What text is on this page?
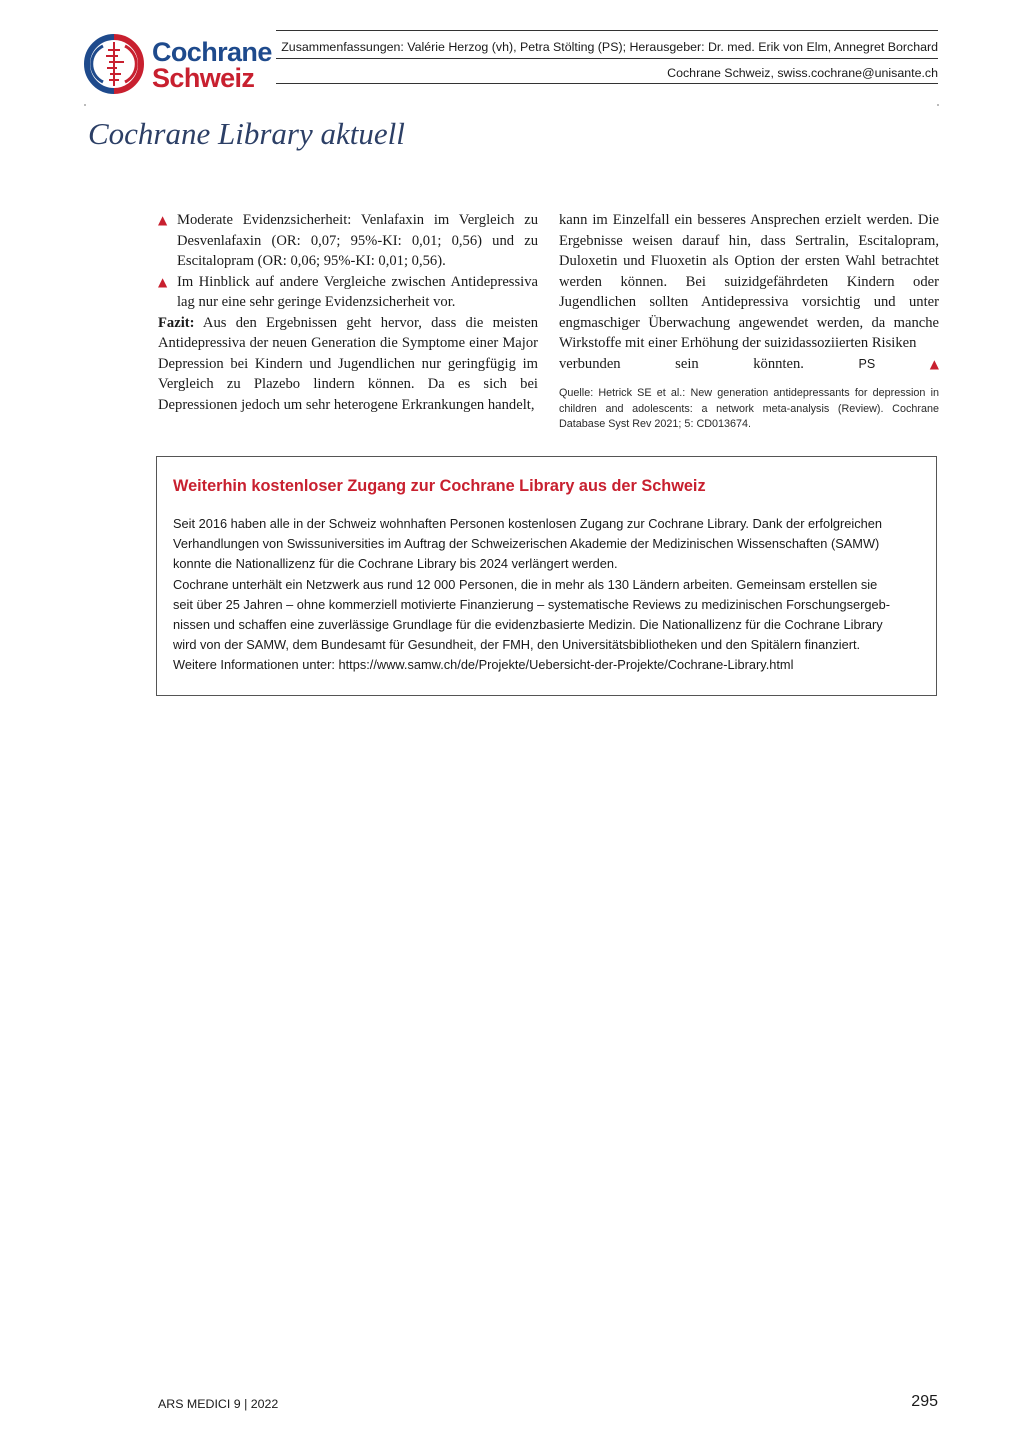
Cochrane
Schweiz
Zusammenfassungen: Valérie Herzog (vh), Petra Stölting (PS); Herausgeber: Dr. med. Erik von Elm, Annegret Borchard
Cochrane Schweiz, swiss.cochrane@unisante.ch
Cochrane Library aktuell
▲ Moderate Evidenzsicherheit: Venlafaxin im Vergleich zu Desvenlafaxin (OR: 0,07; 95%-KI: 0,01; 0,56) und zu Escitalopram (OR: 0,06; 95%-KI: 0,01; 0,56).
▲ Im Hinblick auf andere Vergleiche zwischen Antidepressiva lag nur eine sehr geringe Evidenzsicherheit vor.

Fazit: Aus den Ergebnissen geht hervor, dass die meisten Antidepressiva der neuen Generation die Symptome einer Major Depression bei Kindern und Jugendlichen nur geringfügig im Vergleich zu Plazebo lindern können. Da es sich bei Depressionen jedoch um sehr heterogene Erkrankungen handelt,

kann im Einzelfall ein besseres Ansprechen erzielt werden. Die Ergebnisse weisen darauf hin, dass Sertralin, Escitalopram, Duloxetin und Fluoxetin als Option der ersten Wahl betrachtet werden können. Bei suizidgefährdeten Kindern oder Jugendlichen sollten Antidepressiva vorsichtig und unter engmaschiger Überwachung angewendet werden, da manche Wirkstoffe mit einer Erhöhung der suizidassoziierten Risiken

verbunden sein könnten.	PS	▲
Quelle: Hetrick SE et al.: New generation antidepressants for depression in children and adolescents: a network meta-analysis (Review). Cochrane Database Syst Rev 2021; 5: CD013674.
Weiterhin kostenloser Zugang zur Cochrane Library aus der Schweiz
Seit 2016 haben alle in der Schweiz wohnhaften Personen kostenlosen Zugang zur Cochrane Library. Dank der erfolgreichen
Verhandlungen von Swissuniversities im Auftrag der Schweizerischen Akademie der Medizinischen Wissenschaften (SAMW)
konnte die Nationallizenz für die Cochrane Library bis 2024 verlängert werden.
Cochrane unterhält ein Netzwerk aus rund 12 000 Personen, die in mehr als 130 Ländern arbeiten. Gemeinsam erstellen sie
seit über 25 Jahren – ohne kommerziell motivierte Finanzierung – systematische Reviews zu medizinischen Forschungsergeb-
nissen und schaffen eine zuverlässige Grundlage für die evidenzbasierte Medizin. Die Nationallizenz für die Cochrane Library
wird von der SAMW, dem Bundesamt für Gesundheit, der FMH, den Universitätsbibliotheken und den Spitälern finanziert.
Weitere Informationen unter: https://www.samw.ch/de/Projekte/Uebersicht-der-Projekte/Cochrane-Library.html
ARS MEDICI 9 | 2022	295
